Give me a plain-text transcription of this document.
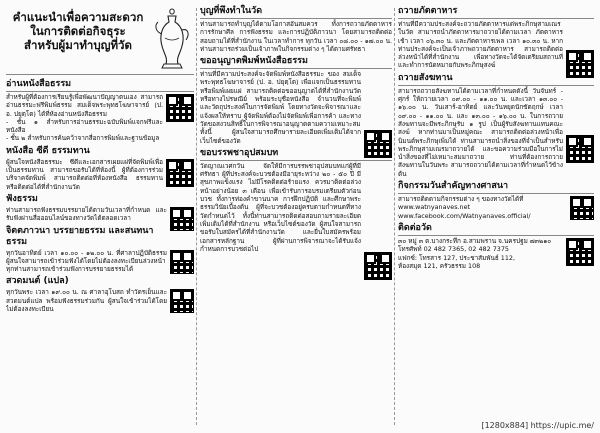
คำแนะนำเพื่อความสะดวก
ในการติดต่อกิจธุระ
สำหรับผู้มาทำบุญที่วัด
อ่านหนังสือธรรม

สำหรับผู้ที่ต้องการเรียนรู้เพื่อพัฒนาปัญญาตนเอง สามารถอ่านธรรมะฟรีพิมพ์ธรรม สมเด็จพระพุทธโฆษาจารย์ (ป. อ. ปยุตฺโต) ได้ที่ห้องอ่านหนังสือธรรม

- ชั้น ๑ สำหรับการอ่านธรรมะฉบับพิมพ์แจกฟรีและหนังสือ

- ชั้น ๒ สำหรับการค้นคว้าจากสื่อการพิมพ์และฐานข้อมูล

หนังสือ ซีดี ธรรมทาน

ผู้สนใจหนังสือธรรมะ ซีดีและเอกสารเผยแผ่ที่จัดพิมพ์เพื่อเป็นธรรมทาน สามารถขอรับได้ที่ห้องนี้ ผู้ที่ต้องการร่วมบริจาคจัดพิมพ์ สามารถติดต่อที่ห้องหนังสือ ธรรมทาน หรือติดต่อได้ที่สำนักงานวัด

ฟังธรรม

ท่านสามารถฟังธรรมบรรยายได้ตามวันเวลาที่กำหนด และรับฟังผ่านสื่อออนไลน์ของทางวัดได้ตลอดเวลา

จิตตภาวนา บรรยายธรรม และสนทนาธรรม

ทุกวันอาทิตย์ เวลา ๑๐.๐๐ - ๑๒.๐๐ น. ที่ศาลาปฏิบัติธรรม ผู้สนใจสามารถเข้าร่วมฟังได้โดยไม่ต้องลงทะเบียนล่วงหน้า ทุกท่านสามารถเข้าร่วมฟังการบรรยายธรรมได้

สวดมนต์ (แปล)

ทุกวันพระ เวลา ๑๙.๐๐ น. ณ ศาลาอุโบสถ ทำวัตรเย็นและสวดมนต์แปล พร้อมฟังธรรมร่วมกัน ผู้สนใจเข้าร่วมได้โดยไม่ต้องลงทะเบียน

บุญที่พึงทำในวัด

ท่านสามารถทำบุญได้ตามโอกาสอันสมควร ทั้งการถวายภัตตาหาร การรักษาศีล การฟังธรรม และการปฏิบัติภาวนา โดยสามารถติดต่อสอบถามได้ที่สำนักงาน ในเวลาทำการ ทุกวัน เวลา ๐๘.๐๐ - ๑๗.๐๐ น. ท่านสามารถร่วมเป็นเจ้าภาพในกิจกรรมต่าง ๆ ได้ตามศรัทธา

ขออนุญาตพิมพ์หนังสือธรรม

ท่านที่มีความประสงค์จะจัดพิมพ์หนังสือธรรมะ ของ สมเด็จพระพุทธโฆษาจารย์ (ป. อ. ปยุตฺโต) เพื่อแจกเป็นธรรมทาน หรือพิมพ์เผยแผ่ สามารถติดต่อขออนุญาตได้ที่สำนักงานวัดหรือทางไปรษณีย์ พร้อมระบุชื่อหนังสือ จำนวนที่จะพิมพ์ และวัตถุประสงค์ในการจัดพิมพ์ โดยทางวัดจะพิจารณาและแจ้งผลให้ทราบ ผู้จัดพิมพ์ต้องไม่จัดพิมพ์เพื่อการค้า และทางวัดขอสงวนสิทธิ์ในการพิจารณาอนุญาตตามความเหมาะสม ทั้งนี้ ผู้สนใจสามารถศึกษารายละเอียดเพิ่มเติมได้จากเว็บไซต์ของวัด

ขอบรรพชาอุปสมบท

วัดญาณเวศกวัน จัดให้มีการบรรพชาอุปสมบทแก่ผู้ที่มีศรัทธา ผู้ที่ประสงค์จะบวชต้องมีอายุระหว่าง ๒๐ - ๕๐ ปี มีสุขภาพแข็งแรง ไม่มีโรคติดต่อร้ายแรง ควรมาติดต่อล่วงหน้าอย่างน้อย ๓ เดือน เพื่อเข้ารับการอบรมเตรียมตัวก่อนบวช ทั้งการท่องคำขานนาค การฝึกปฏิบัติ และศึกษาพระธรรมวินัยเบื้องต้น ผู้ที่จะบวชต้องอยู่ครบตามกำหนดที่ทางวัดกำหนดไว้ ทั้งนี้ท่านสามารถติดต่อสอบถามรายละเอียดเพิ่มเติมได้ที่สำนักงาน หรือเว็บไซต์ของวัด ผู้สนใจสามารถขอรับใบสมัครได้ที่สำนักงานวัด และยื่นใบสมัครพร้อมเอกสารหลักฐาน ผู้ที่ผ่านการพิจารณาจะได้รับแจ้งกำหนดการบวชต่อไป

ถวายภัตตาหาร

ท่านที่มีความประสงค์จะถวายภัตตาหารแด่พระภิกษุสามเณรในวัด สามารถนำภัตตาหารมาถวายได้ตามเวลา ภัตตาหารเช้า เวลา ๐๖.๓๐ น. และภัตตาหารเพล เวลา ๑๐.๓๐ น. หากท่านประสงค์จะเป็นเจ้าภาพถวายภัตตาหาร สามารถติดต่อล่วงหน้าได้ที่สำนักงาน เพื่อทางวัดจะได้จัดเตรียมสถานที่ และทำการนัดหมายกับพระภิกษุสงฆ์

ถวายสังฆทาน

สามารถถวายสังฆทานได้ตามเวลาที่กำหนดดังนี้ วันจันทร์ - ศุกร์ ให้ถวายเวลา ๐๙.๐๐ - ๑๑.๐๐ น. และเวลา ๑๓.๐๐ - ๑๖.๐๐ น. วันเสาร์-อาทิตย์ และวันหยุดนักขัตฤกษ์ เวลา ๐๙.๐๐ - ๑๑.๐๐ น. และ ๑๓.๐๐ - ๑๖.๐๐ น. ในการถวายสังฆทานจะมีพระภิกษุรับ ๑ รูป เป็นผู้รับสังฆทานแทนคณะสงฆ์ หากท่านมาเป็นหมู่คณะ สามารถติดต่อล่วงหน้าเพื่อนิมนต์พระภิกษุเพิ่มได้ ท่านสามารถนำสิ่งของที่จำเป็นสำหรับพระภิกษุสามเณรมาถวายได้ และขอความร่วมมือในการไม่นำสิ่งของที่ไม่เหมาะสมมาถวาย ท่านที่ต้องการถวายสังฆทานในวันพระ สามารถถวายได้ตามเวลาที่กำหนดไว้ข้างต้น

กิจกรรมวันสำคัญทางศาสนา

สามารถติดตามกิจกรรมต่าง ๆ ของทางวัดได้ที่

www.watnyanaves.net
www.facebook.com/Watnyanaves.official/
ติดต่อวัด

๓๐ หมู่ ๓ ต.บางกระทึก อ.สามพราน จ.นครปฐม ๗๓๒๑๐

โทรศัพท์ 02 482 7365, 02 482 7375

แฟกซ์: โทรสาร 127, ประชาสัมพันธ์ 112,

ห้องสมุด 121, ครัวธรรม 108

[1280x884] https://upic.me/
